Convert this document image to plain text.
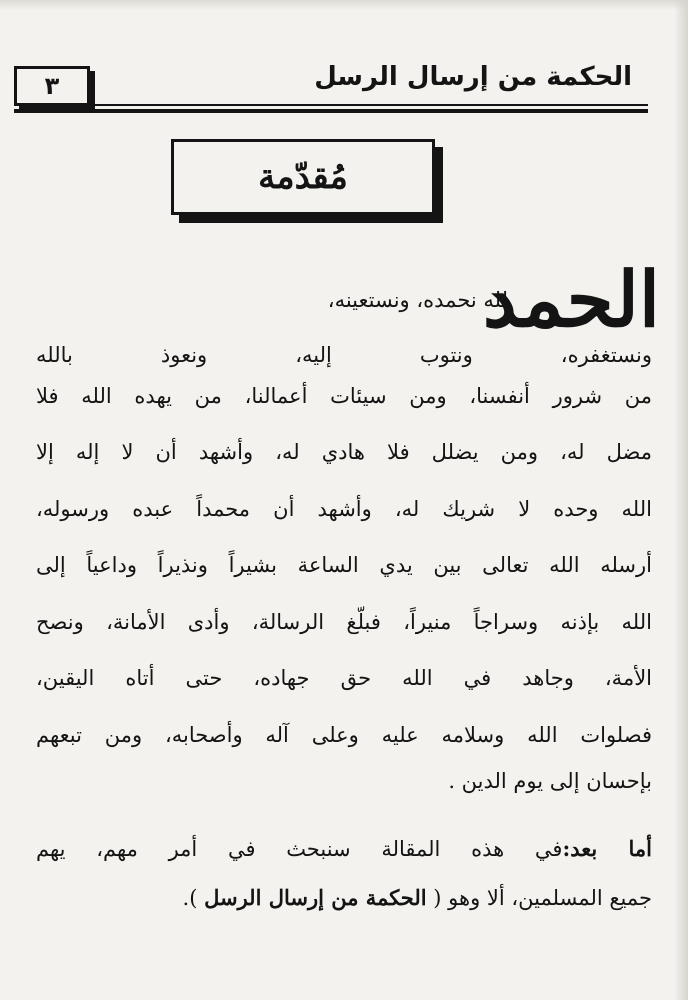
الحكمة من إرسال الرسل
٣
مُقدّمة
الحمد
لله نحمده، ونستعينه،
ونستغفره، ونتوب إليه، ونعوذ بالله
من شرور أنفسنا، ومن سيئات أعمالنا، من يهده الله فلا
مضل له، ومن يضلل فلا هادي له، وأشهد أن لا إله إلا
الله وحده لا شريك له، وأشهد أن محمداً عبده ورسوله،
أرسله الله تعالى بين يدي الساعة بشيراً ونذيراً وداعياً إلى
الله بإذنه وسراجاً منيراً، فبلّغ الرسالة، وأدى الأمانة، ونصح
الأمة، وجاهد في الله حق جهاده، حتى أتاه اليقين،
فصلوات الله وسلامه عليه وعلى آله وأصحابه، ومن تبعهم
بإحسان إلى يوم الدين .
أما بعد:في هذه المقالة سنبحث في أمر مهم، يهم
جميع المسلمين، ألا وهو ( الحكمة من إرسال الرسل ).
